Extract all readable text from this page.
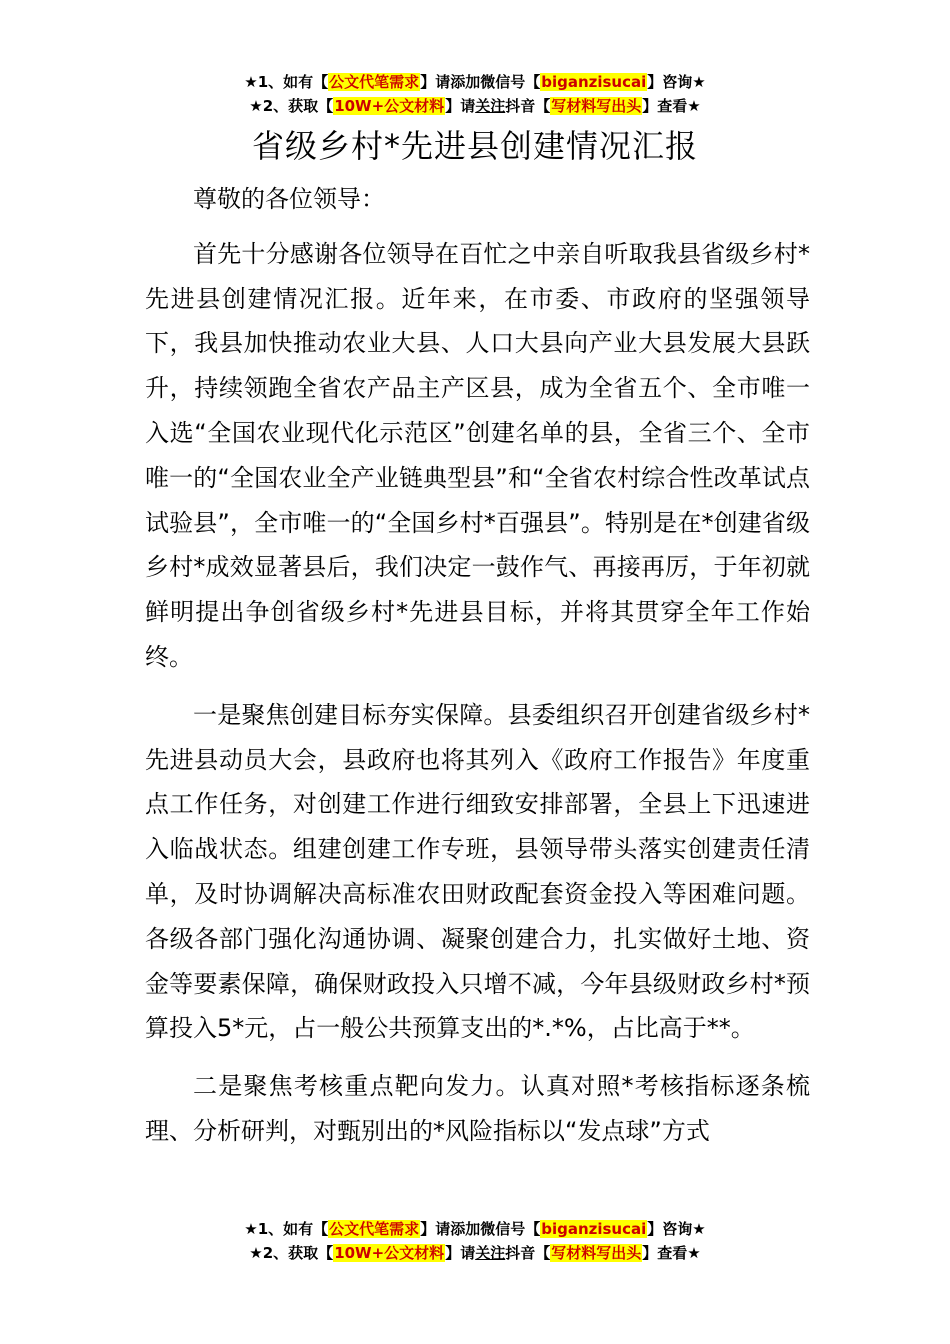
★1、如有【公文代笔需求】请添加微信号【biganzisucai】咨询★
★2、获取【10W+公文材料】请关注抖音【写材料写出头】查看★
省级乡村*先进县创建情况汇报

尊敬的各位领导：

首先十分感谢各位领导在百忙之中亲自听取我县省级乡村*先进县创建情况汇报。近年来，在市委、市政府的坚强领导下，我县加快推动农业大县、人口大县向产业大县发展大县跃升，持续领跑全省农产品主产区县，成为全省五个、全市唯一入选“全国农业现代化示范区”创建名单的县，全省三个、全市唯一的“全国农业全产业链典型县”和“全省农村综合性改革试点试验县”，全市唯一的“全国乡村*百强县”。特别是在*创建省级乡村*成效显著县后，我们决定一鼓作气、再接再厉，于年初就鲜明提出争创省级乡村*先进县目标，并将其贯穿全年工作始终。

一是聚焦创建目标夯实保障。县委组织召开创建省级乡村*先进县动员大会，县政府也将其列入《政府工作报告》年度重点工作任务，对创建工作进行细致安排部署，全县上下迅速进入临战状态。组建创建工作专班，县领导带头落实创建责任清单，及时协调解决高标准农田财政配套资金投入等困难问题。各级各部门强化沟通协调、凝聚创建合力，扎实做好土地、资金等要素保障，确保财政投入只增不减，今年县级财政乡村*预算投入5*元，占一般公共预算支出的*.*%，占比高于**。

二是聚焦考核重点靶向发力。认真对照*考核指标逐条梳理、分析研判，对甄别出的*风险指标以“发点球”方式

★1、如有【公文代笔需求】请添加微信号【biganzisucai】咨询★
★2、获取【10W+公文材料】请关注抖音【写材料写出头】查看★
